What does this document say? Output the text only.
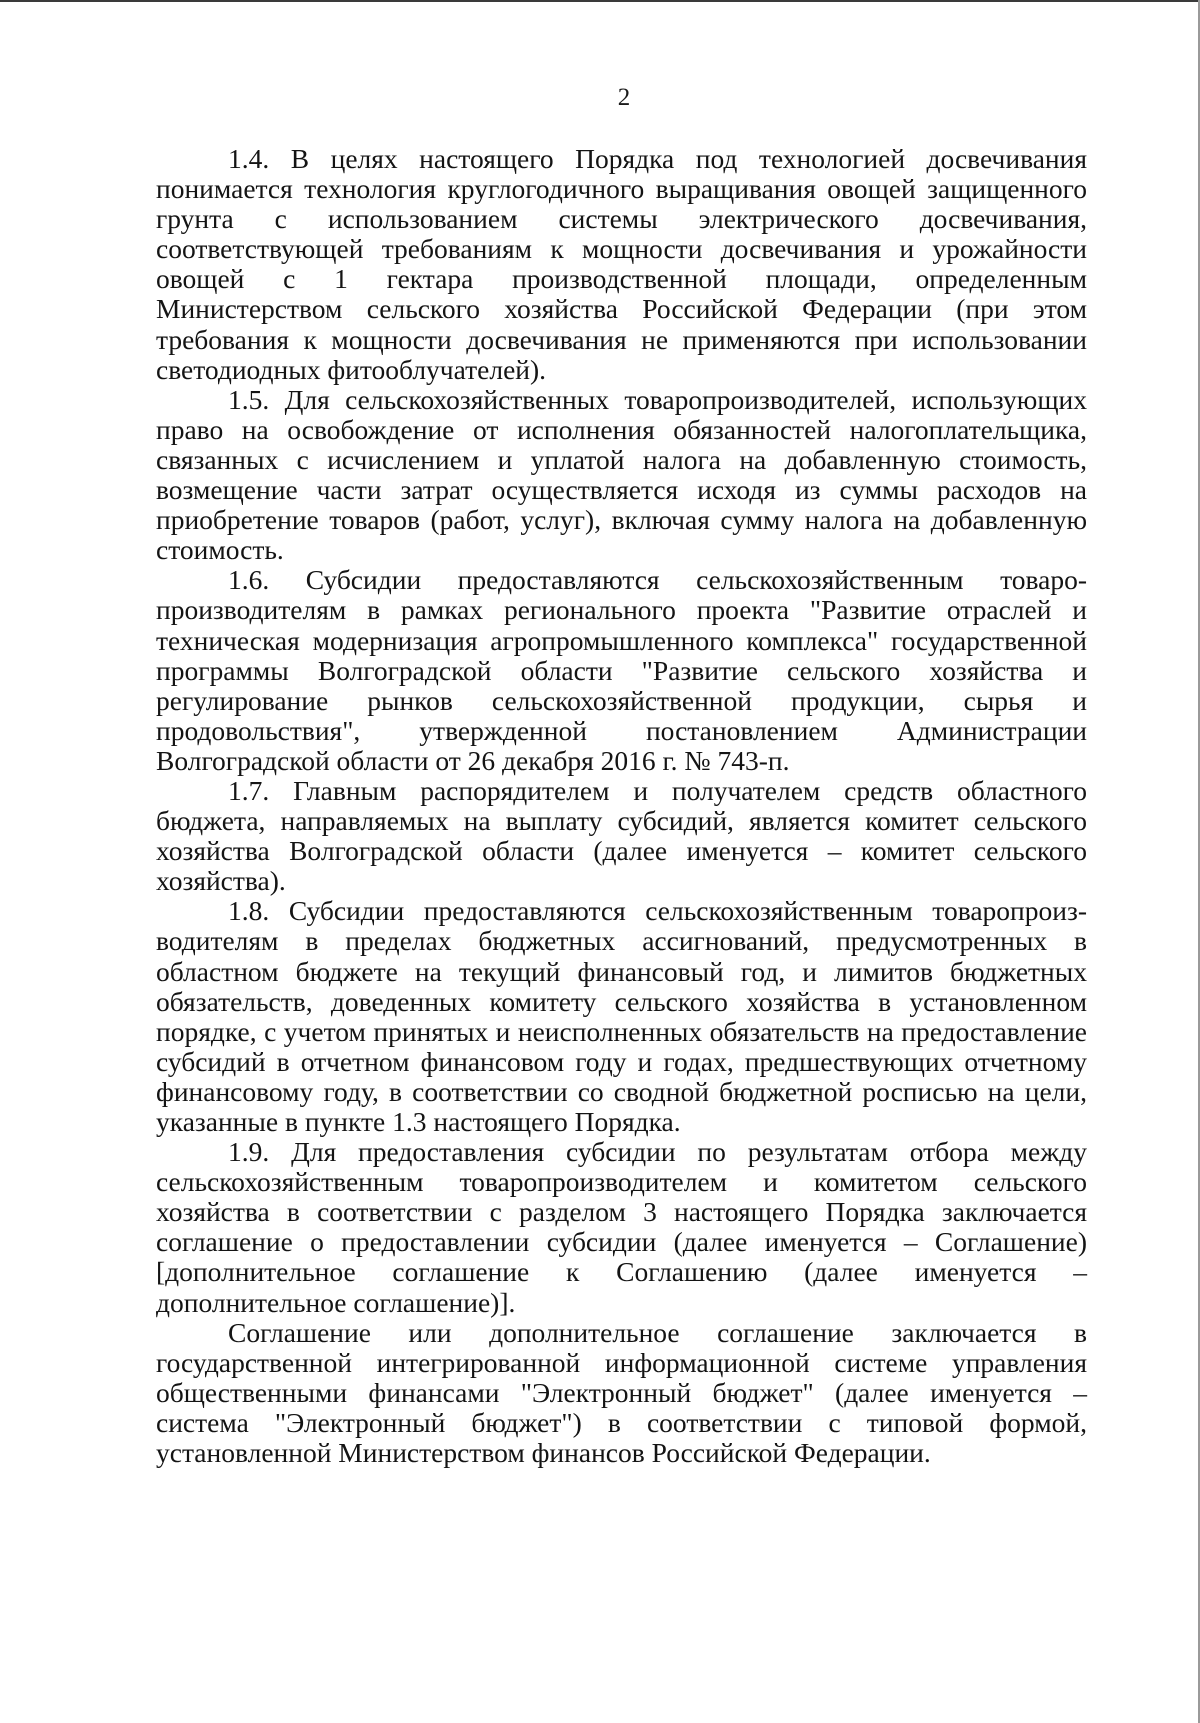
2

1.4. В целях настоящего Порядка под технологией досвечивания понимается технология круглогодичного выращивания овощей защищенного грунта с использованием системы электрического досвечивания, соответствующей требованиям к мощности досвечивания и урожайности овощей с 1 гектара производственной площади, определенным Министерством сельского хозяйства Российской Федерации (при этом требования к мощности досвечивания не применяются при использовании светодиодных фитооблучателей).

1.5. Для сельскохозяйственных товаропроизводителей, использующих право на освобождение от исполнения обязанностей налогоплательщика, связанных с исчислением и уплатой налога на добавленную стоимость, возмещение части затрат осуществляется исходя из суммы расходов на приобретение товаров (работ, услуг), включая сумму налога на добавленную стоимость.

1.6. Субсидии предоставляются сельскохозяйственным товаро-производителям в рамках регионального проекта "Развитие отраслей и техническая модернизация агропромышленного комплекса" государственной программы Волгоградской области "Развитие сельского хозяйства и регулирование рынков сельскохозяйственной продукции, сырья и продовольствия", утвержденной постановлением Администрации Волгоградской области от 26 декабря 2016 г. № 743-п.

1.7. Главным распорядителем и получателем средств областного бюджета, направляемых на выплату субсидий, является комитет сельского хозяйства Волгоградской области (далее именуется – комитет сельского хозяйства).

1.8. Субсидии предоставляются сельскохозяйственным товаропроиз-водителям в пределах бюджетных ассигнований, предусмотренных в областном бюджете на текущий финансовый год, и лимитов бюджетных обязательств, доведенных комитету сельского хозяйства в установленном порядке, с учетом принятых и неисполненных обязательств на предоставление субсидий в отчетном финансовом году и годах, предшествующих отчетному финансовому году, в соответствии со сводной бюджетной росписью на цели, указанные в пункте 1.3 настоящего Порядка.

1.9. Для предоставления субсидии по результатам отбора между сельскохозяйственным товаропроизводителем и комитетом сельского хозяйства в соответствии с разделом 3 настоящего Порядка заключается соглашение о предоставлении субсидии (далее именуется – Соглашение) [дополнительное соглашение к Соглашению (далее именуется – дополнительное соглашение)].

Соглашение или дополнительное соглашение заключается в государственной интегрированной информационной системе управления общественными финансами "Электронный бюджет" (далее именуется – система "Электронный бюджет") в соответствии с типовой формой, установленной Министерством финансов Российской Федерации.
